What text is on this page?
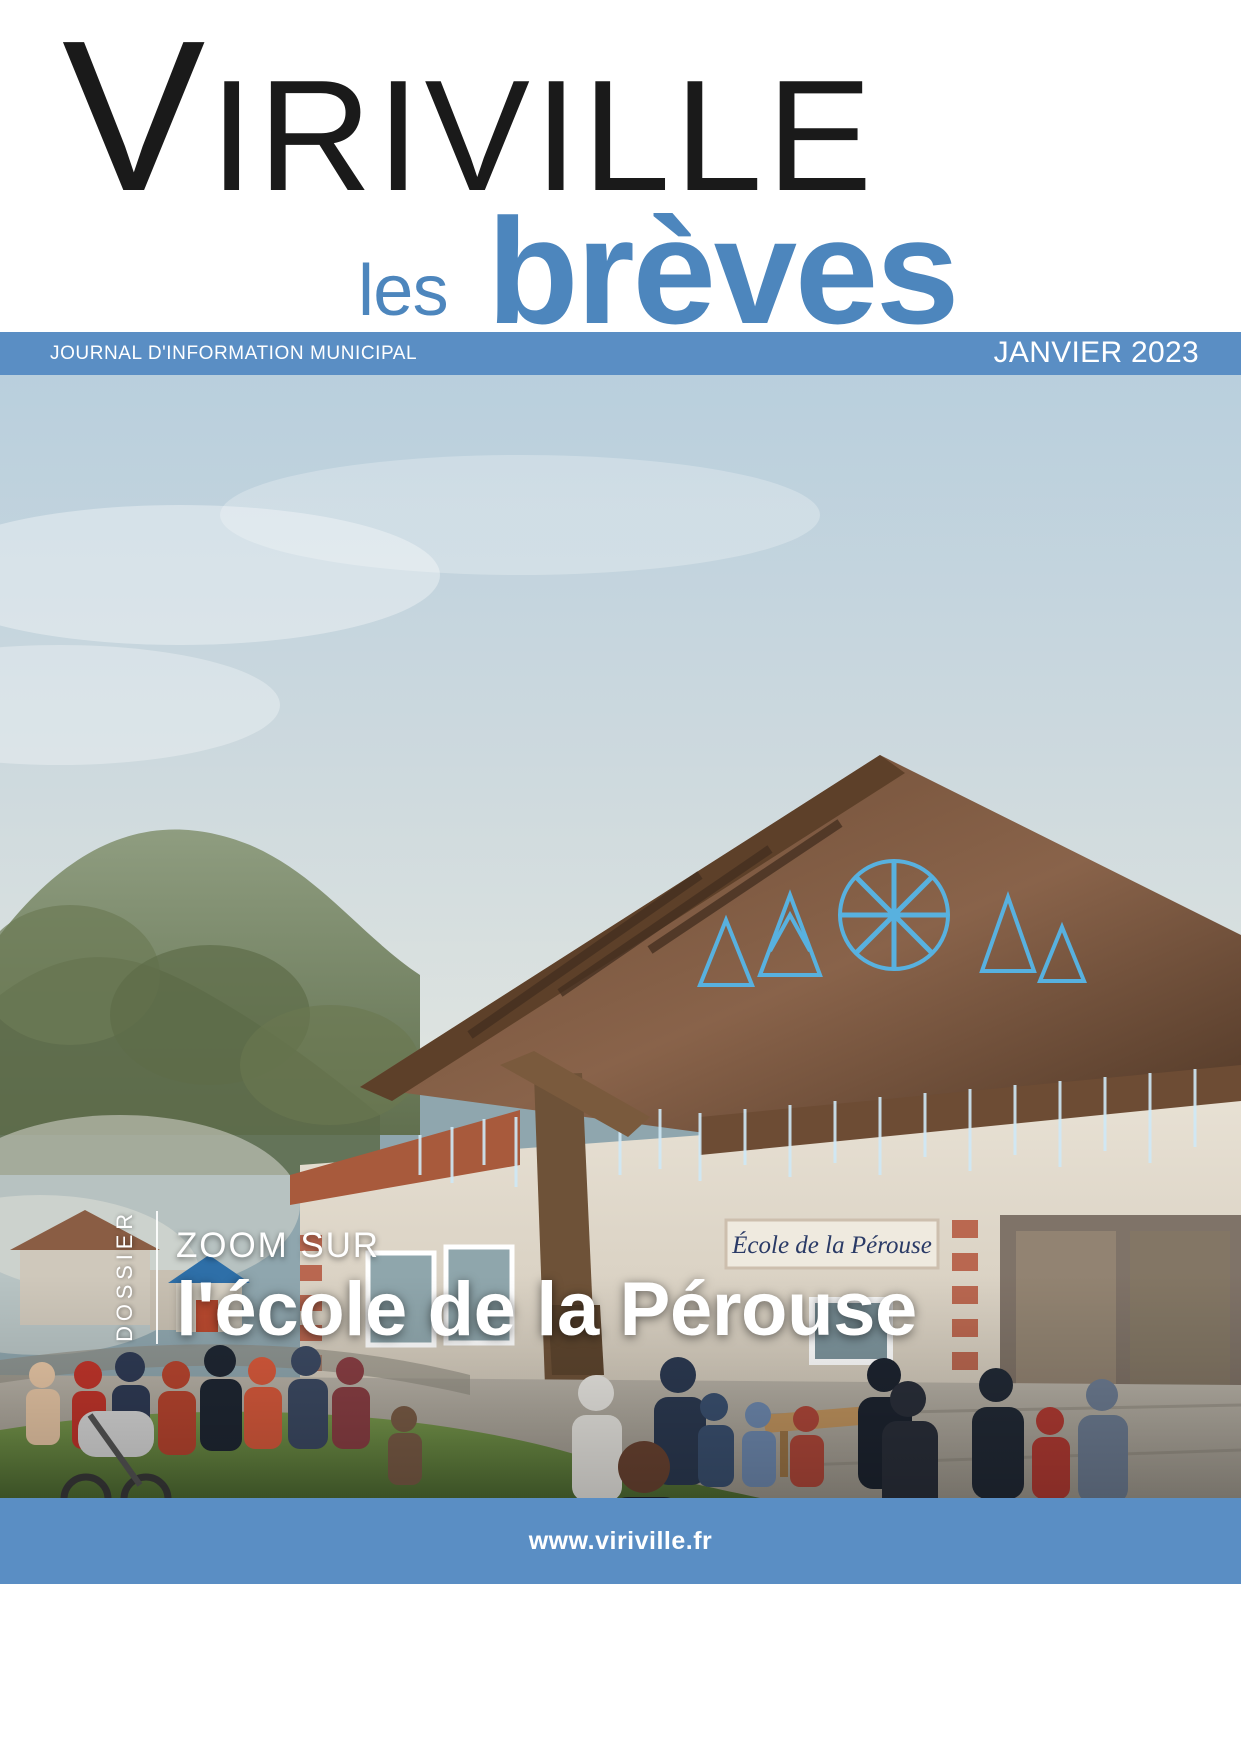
VIRIVILLE
les brèves
JOURNAL D'INFORMATION MUNICIPAL	JANVIER 2023
École de la Pérouse
DOSSIER ZOOM SUR
l'école de la Pérouse
www.viriville.fr
